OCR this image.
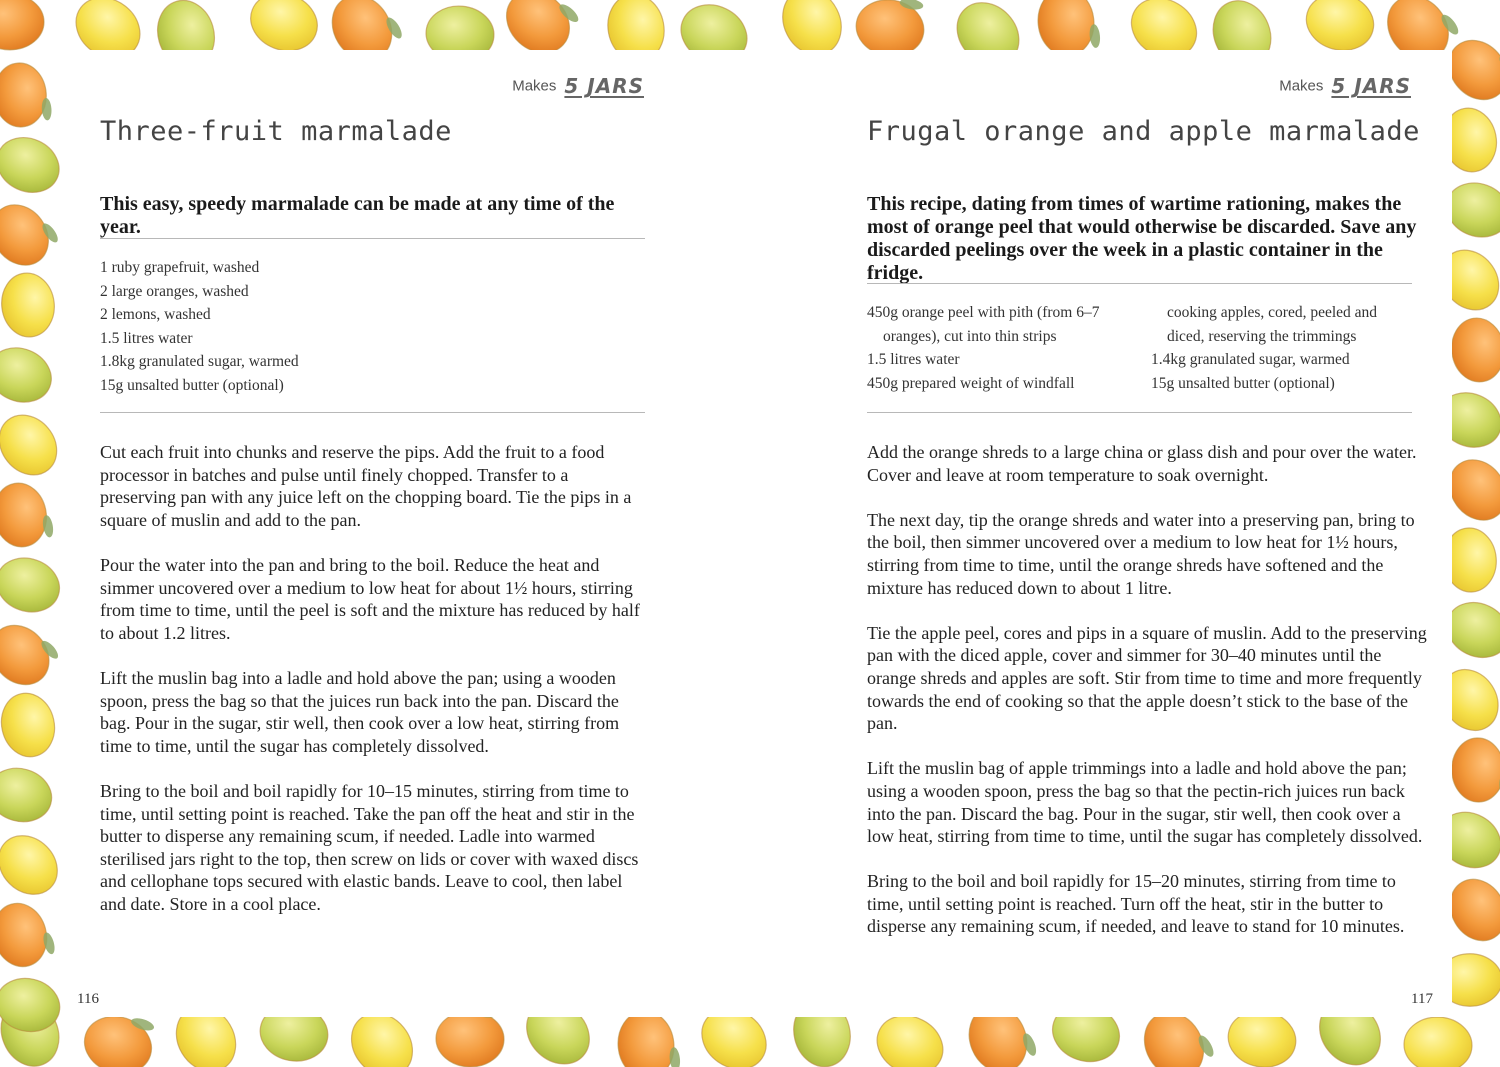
Makes 5 JARS
Three-fruit marmalade

This easy, speedy marmalade can be made at any time of the year.

1 ruby grapefruit, washed
2 large oranges, washed
2 lemons, washed
1.5 litres water
1.8kg granulated sugar, warmed
15g unsalted butter (optional)

Cut each fruit into chunks and reserve the pips. Add the fruit to a food processor in batches and pulse until finely chopped. Transfer to a preserving pan with any juice left on the chopping board. Tie the pips in a square of muslin and add to the pan.

Pour the water into the pan and bring to the boil. Reduce the heat and simmer uncovered over a medium to low heat for about 1½ hours, stirring from time to time, until the peel is soft and the mixture has reduced by half to about 1.2 litres.

Lift the muslin bag into a ladle and hold above the pan; using a wooden spoon, press the bag so that the juices run back into the pan. Discard the bag. Pour in the sugar, stir well, then cook over a low heat, stirring from time to time, until the sugar has completely dissolved.

Bring to the boil and boil rapidly for 10–15 minutes, stirring from time to time, until setting point is reached. Take the pan off the heat and stir in the butter to disperse any remaining scum, if needed. Ladle into warmed sterilised jars right to the top, then screw on lids or cover with waxed discs and cellophane tops secured with elastic bands. Leave to cool, then label and date. Store in a cool place.

116
Makes 5 JARS
Frugal orange and apple marmalade

This recipe, dating from times of wartime rationing, makes the most of orange peel that would otherwise be discarded. Save any discarded peelings over the week in a plastic container in the fridge.

450g orange peel with pith (from 6–7
oranges), cut into thin strips
1.5 litres water
450g prepared weight of windfall
cooking apples, cored, peeled and
diced, reserving the trimmings
1.4kg granulated sugar, warmed
15g unsalted butter (optional)

Add the orange shreds to a large china or glass dish and pour over the water. Cover and leave at room temperature to soak overnight.

The next day, tip the orange shreds and water into a preserving pan, bring to the boil, then simmer uncovered over a medium to low heat for 1½ hours, stirring from time to time, until the orange shreds have softened and the mixture has reduced down to about 1 litre.

Tie the apple peel, cores and pips in a square of muslin. Add to the preserving pan with the diced apple, cover and simmer for 30–40 minutes until the orange shreds and apples are soft. Stir from time to time and more frequently towards the end of cooking so that the apple doesn’t stick to the base of the pan.

Lift the muslin bag of apple trimmings into a ladle and hold above the pan; using a wooden spoon, press the bag so that the pectin-rich juices run back into the pan. Discard the bag. Pour in the sugar, stir well, then cook over a low heat, stirring from time to time, until the sugar has completely dissolved.

Bring to the boil and boil rapidly for 15–20 minutes, stirring from time to time, until setting point is reached. Turn off the heat, stir in the butter to disperse any remaining scum, if needed, and leave to stand for 10 minutes.

117
